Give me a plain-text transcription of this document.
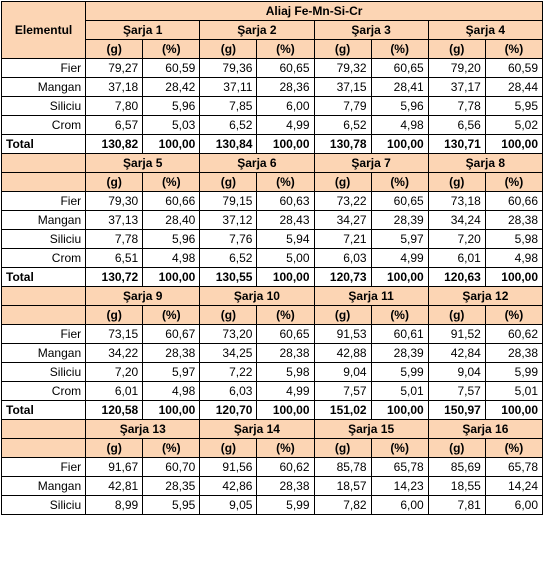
Elementul	Aliaj Fe-Mn-Si-Cr							
	Şarja 1		Şarja 2		Şarja 3		Şarja 4	
	(g)	(%)	(g)	(%)	(g)	(%)	(g)	(%)
Fier	79,27	60,59	79,36	60,65	79,32	60,65	79,20	60,59
Mangan	37,18	28,42	37,11	28,36	37,15	28,41	37,17	28,44
Siliciu	7,80	5,96	7,85	6,00	7,79	5,96	7,78	5,95
Crom	6,57	5,03	6,52	4,99	6,52	4,98	6,56	5,02
Total	130,82	100,00	130,84	100,00	130,78	100,00	130,71	100,00
	Şarja 5		Şarja 6		Şarja 7		Şarja 8	
	(g)	(%)	(g)	(%)	(g)	(%)	(g)	(%)
Fier	79,30	60,66	79,15	60,63	73,22	60,65	73,18	60,66
Mangan	37,13	28,40	37,12	28,43	34,27	28,39	34,24	28,38
Siliciu	7,78	5,96	7,76	5,94	7,21	5,97	7,20	5,98
Crom	6,51	4,98	6,52	5,00	6,03	4,99	6,01	4,98
Total	130,72	100,00	130,55	100,00	120,73	100,00	120,63	100,00
	Şarja 9		Şarja 10		Şarja 11		Şarja 12	
	(g)	(%)	(g)	(%)	(g)	(%)	(g)	(%)
Fier	73,15	60,67	73,20	60,65	91,53	60,61	91,52	60,62
Mangan	34,22	28,38	34,25	28,38	42,88	28,39	42,84	28,38
Siliciu	7,20	5,97	7,22	5,98	9,04	5,99	9,04	5,99
Crom	6,01	4,98	6,03	4,99	7,57	5,01	7,57	5,01
Total	120,58	100,00	120,70	100,00	151,02	100,00	150,97	100,00
	Şarja 13		Şarja 14		Şarja 15		Şarja 16	
	(g)	(%)	(g)	(%)	(g)	(%)	(g)	(%)
Fier	91,67	60,70	91,56	60,62	85,78	65,78	85,69	65,78
Mangan	42,81	28,35	42,86	28,38	18,57	14,23	18,55	14,24
Siliciu	8,99	5,95	9,05	5,99	7,82	6,00	7,81	6,00
